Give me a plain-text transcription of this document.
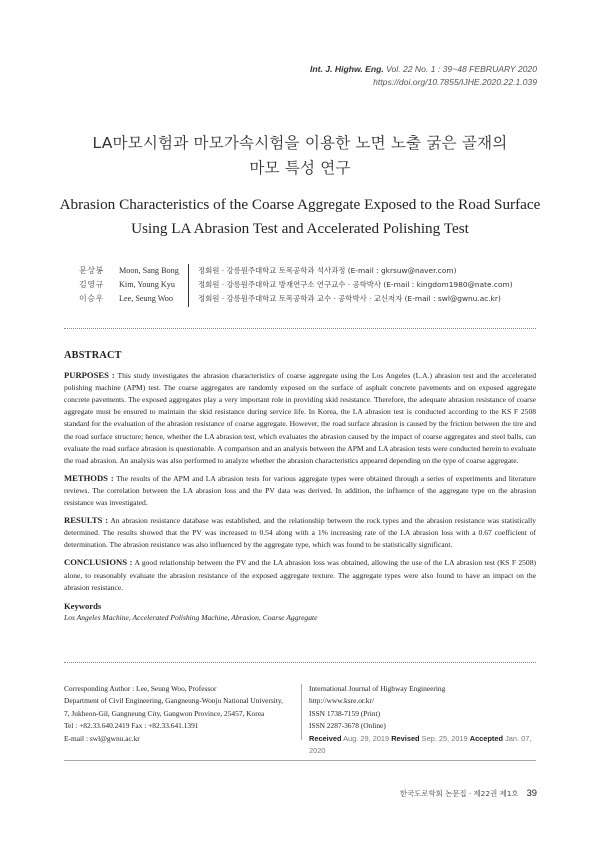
Int. J. Highw. Eng. Vol. 22 No. 1 : 39~48 FEBRUARY 2020
https://doi.org/10.7855/IJHE.2020.22.1.039
LA마모시험과 마모가속시험을 이용한 노면 노출 굵은 골재의
마모 특성 연구
Abrasion Characteristics of the Coarse Aggregate Exposed to the Road Surface
Using LA Abrasion Test and Accelerated Polishing Test
문상봉	Moon, Sang Bong	정회원 · 강릉원주대학교 토목공학과 석사과정 (E-mail : gkrsuw@naver.com)
김영규	Kim, Young Kyu	정회원 · 강릉원주대학교 방재연구소 연구교수 · 공학박사 (E-mail : kingdom1980@nate.com)
이승우	Lee, Seung Woo	정회원 · 강릉원주대학교 토목공학과 교수 · 공학박사 · 교신저자 (E-mail : swl@gwnu.ac.kr)
ABSTRACT

PURPOSES : This study investigates the abrasion characteristics of coarse aggregate using the Los Angeles (L.A.) abrasion test and the accelerated polishing machine (APM) test. The coarse aggregates are randomly exposed on the surface of asphalt concrete pavements and on exposed aggregate concrete pavements. The exposed aggregates play a very important role in providing skid resistance. Therefore, the adequate abrasion resistance of coarse aggregate must be ensured to maintain the skid resistance during service life. In Korea, the LA abrasion test is conducted according to the KS F 2508 standard for the evaluation of the abrasion resistance of coarse aggregate. However, the road surface abrasion is caused by the friction between the tire and the road surface structure; hence, whether the LA abrasion test, which evaluates the abrasion caused by the impact of coarse aggregates and steel balls, can evaluate the road surface abrasion is questionable. A comparison and an analysis between the APM and LA abrasion tests were conducted herein to evaluate the road abrasion. An analysis was also performed to analyze whether the abrasion characteristics appeared depending on the type of coarse aggregate.

METHODS : The results of the APM and LA abrasion tests for various aggregate types were obtained through a series of experiments and literature reviews. The correlation between the LA abrasion loss and the PV data was derived. In addition, the influence of the aggregate type on the abrasion resistance was investigated.

RESULTS : An abrasion resistance database was established, and the relationship between the rock types and the abrasion resistance was statistically determined. The results showed that the PV was increased to 0.54 along with a 1% increasing rate of the LA abrasion loss with a 0.67 coefficient of determination. The abrasion resistance was also influenced by the aggregate type, which was found to be statistically significant.

CONCLUSIONS : A good relationship between the PV and the LA abrasion loss was obtained, allowing the use of the LA abrasion test (KS F 2508) alone, to reasonably evaluate the abrasion resistance of the exposed aggregate texture. The aggregate types were also found to have an impact on the abrasion resistance.

Keywords
Los Angeles Machine, Accelerated Polishing Machine, Abrasion, Coarse Aggregate
Corresponding Author : Lee, Seung Woo, Professor
Department of Civil Engineering, Gangneung-Wonju National University,
7, Jukheon-Gil, Gangneung City, Gangwon Province, 25457, Korea
Tel : +82.33.640.2419 Fax : +82.33.641.1391
E-mail : swl@gwnu.ac.kr
International Journal of Highway Engineering
http://www.ksre.or.kr/
ISSN 1738-7159 (Print)
ISSN 2287-3678 (Online)
Received Aug. 29, 2019 Revised Sep. 25, 2019 Accepted Jan. 07, 2020
한국도로학회 논문집 · 제22권 제1호 39
